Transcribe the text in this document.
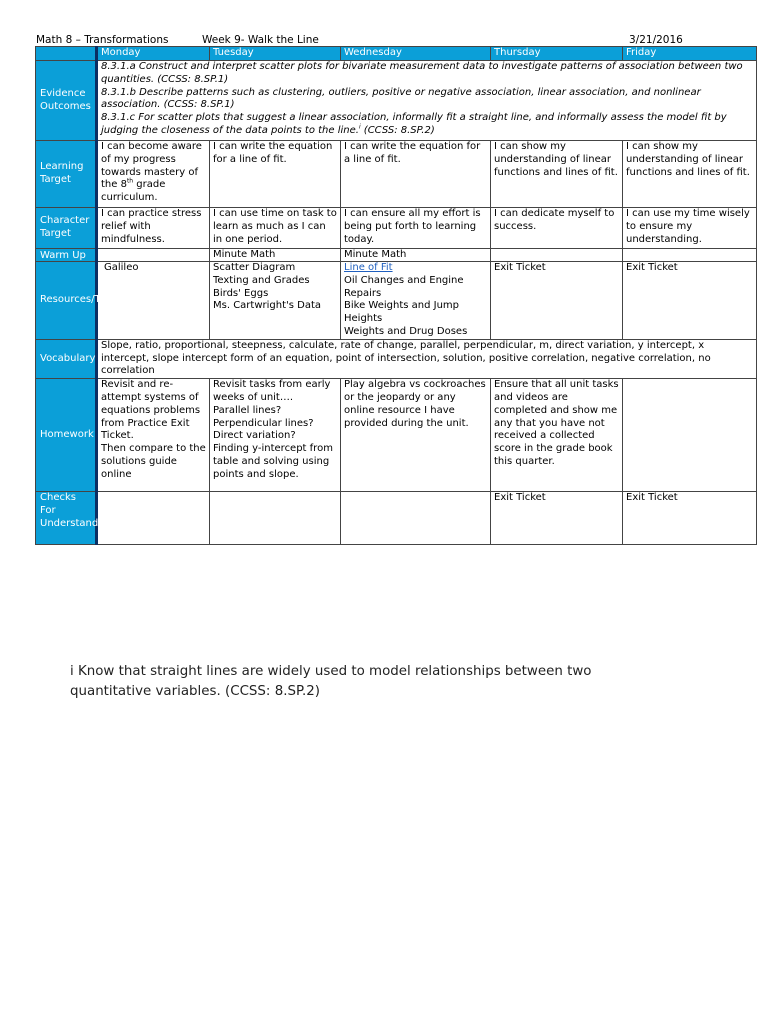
Math 8 – Transformations	Week 9- Walk the Line	3/21/2016
	Monday	Tuesday	Wednesday	Thursday	Friday
Evidence Outcomes	8.3.1.a Construct and interpret scatter plots for bivariate measurement data to investigate patterns of association between two quantities. (CCSS: 8.SP.1)
8.3.1.b Describe patterns such as clustering, outliers, positive or negative association, linear association, and nonlinear association. (CCSS: 8.SP.1)
8.3.1.c For scatter plots that suggest a linear association, informally fit a straight line, and informally assess the model fit by judging the closeness of the data points to the line.$^i$ (CCSS: 8.SP.2)				
Learning Target	I can become aware of my progress towards mastery of the 8th grade curriculum.	I can write the equation for a line of fit.	I can write the equation for a line of fit.	I can show my understanding of linear functions and lines of fit.	I can show my understanding of linear functions and lines of fit.
Character Target	I can practice stress relief with mindfulness.	I can use time on task to learn as much as I can in one period.	I can ensure all my effort is being put forth to learning today.	I can dedicate myself to success.	I can use my time wisely to ensure my understanding.
Warm Up		Minute Math	Minute Math		
Resources/Tasks	Galileo	Scatter Diagram
Texting and Grades
Birds' Eggs
Ms. Cartwright's Data	Line of Fit
Oil Changes and Engine Repairs
Bike Weights and Jump Heights
Weights and Drug Doses	Exit Ticket	Exit Ticket
Vocabulary	Slope, ratio, proportional, steepness, calculate, rate of change, parallel, perpendicular, m, direct variation, y intercept, x intercept, slope intercept form of an equation, point of intersection, solution, positive correlation, negative correlation, no correlation				
Homework	Revisit and re-attempt systems of equations problems from Practice Exit Ticket.
Then compare to the solutions guide online	Revisit tasks from early weeks of unit….
Parallel lines?
Perpendicular lines?
Direct variation?
Finding y-intercept from table and solving using points and slope.	Play algebra vs cockroaches or the jeopardy or any online resource I have provided during the unit.	Ensure that all unit tasks and videos are completed and show me any that you have not received a collected score in the grade book this quarter.	
Checks For Understanding				Exit Ticket	Exit Ticket
i Know that straight lines are widely used to model relationships between two quantitative variables. (CCSS: 8.SP.2)
